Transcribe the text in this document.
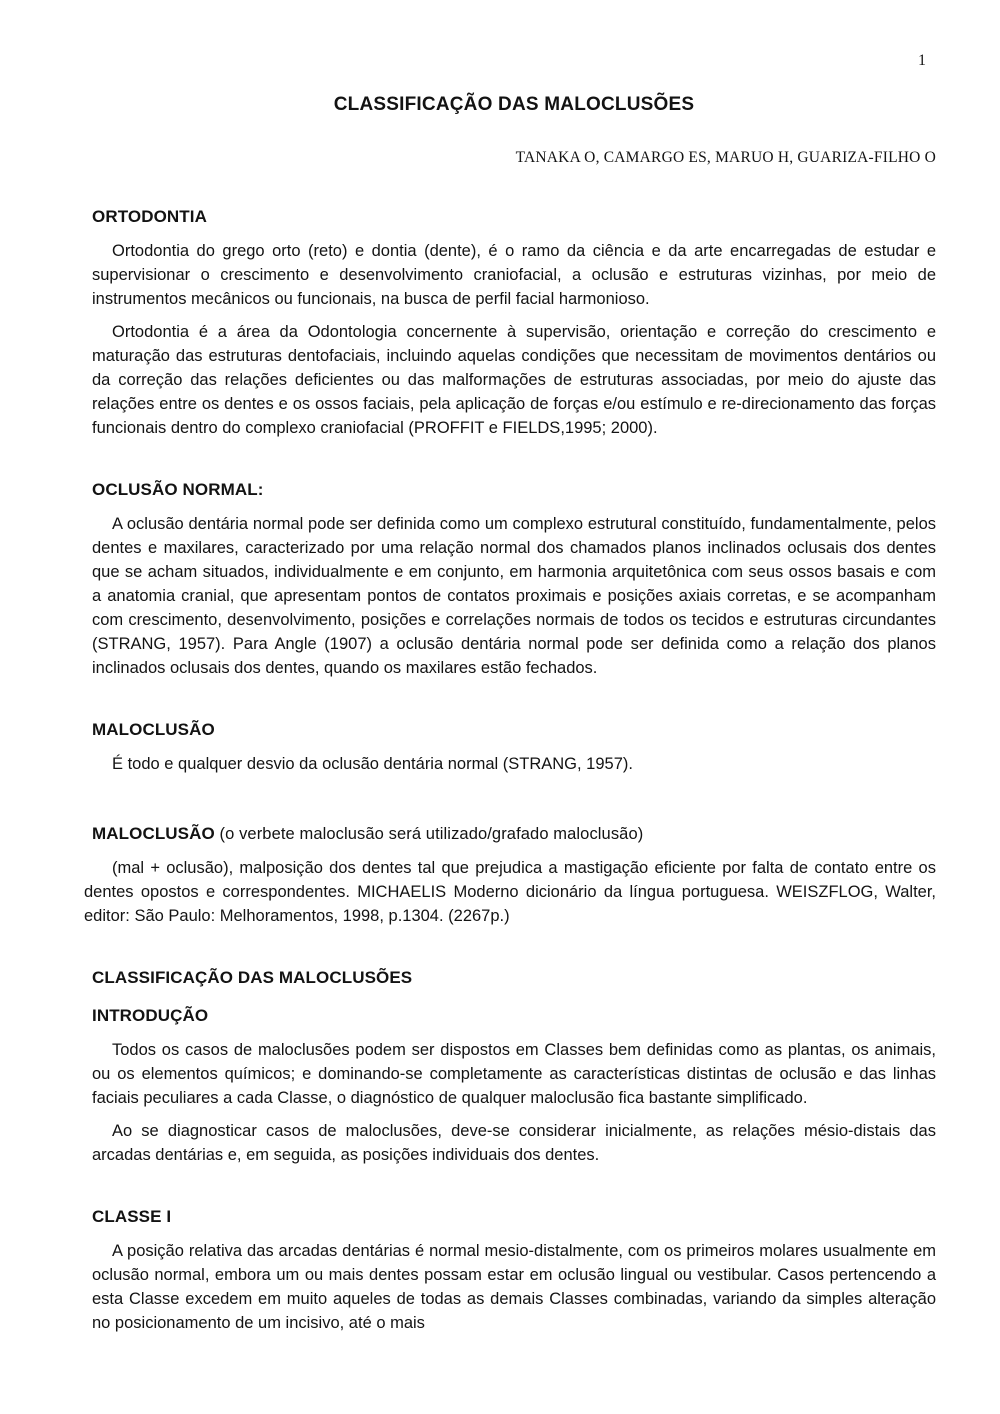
1
CLASSIFICAÇÃO DAS MALOCLUSÕES
TANAKA O, CAMARGO ES, MARUO H, GUARIZA-FILHO O
ORTODONTIA

Ortodontia do grego orto (reto) e dontia (dente), é o ramo da ciência e da arte encarregadas de estudar e supervisionar o crescimento e desenvolvimento craniofacial, a oclusão e estruturas vizinhas, por meio de instrumentos mecânicos ou funcionais, na busca de perfil facial harmonioso.

Ortodontia é a área da Odontologia concernente à supervisão, orientação e correção do crescimento e maturação das estruturas dentofaciais, incluindo aquelas condições que necessitam de movimentos dentários ou da correção das relações deficientes ou das malformações de estruturas associadas, por meio do ajuste das relações entre os dentes e os ossos faciais, pela aplicação de forças e/ou estímulo e re-direcionamento das forças funcionais dentro do complexo craniofacial (PROFFIT e FIELDS,1995; 2000).

OCLUSÃO NORMAL:

A oclusão dentária normal pode ser definida como um complexo estrutural constituído, fundamentalmente, pelos dentes e maxilares, caracterizado por uma relação normal dos chamados planos inclinados oclusais dos dentes que se acham situados, individualmente e em conjunto, em harmonia arquitetônica com seus ossos basais e com a anatomia cranial, que apresentam pontos de contatos proximais e posições axiais corretas, e se acompanham com crescimento, desenvolvimento, posições e correlações normais de todos os tecidos e estruturas circundantes (STRANG, 1957). Para Angle (1907) a oclusão dentária normal pode ser definida como a relação dos planos inclinados oclusais dos dentes, quando os maxilares estão fechados.

MALOCLUSÃO

É todo e qualquer desvio da oclusão dentária normal (STRANG, 1957).

MALOCLUSÃO (o verbete maloclusão será utilizado/grafado maloclusão)

(mal + oclusão), malposição dos dentes tal que prejudica a mastigação eficiente por falta de contato entre os dentes opostos e correspondentes. MICHAELIS Moderno dicionário da língua portuguesa. WEISZFLOG, Walter, editor: São Paulo: Melhoramentos, 1998, p.1304. (2267p.)

CLASSIFICAÇÃO DAS MALOCLUSÕES
INTRODUÇÃO

Todos os casos de maloclusões podem ser dispostos em Classes bem definidas como as plantas, os animais, ou os elementos químicos; e dominando-se completamente as características distintas de oclusão e das linhas faciais peculiares a cada Classe, o diagnóstico de qualquer maloclusão fica bastante simplificado.

Ao se diagnosticar casos de maloclusões, deve-se considerar inicialmente, as relações mésio-distais das arcadas dentárias e, em seguida, as posições individuais dos dentes.

CLASSE I

A posição relativa das arcadas dentárias é normal mesio-distalmente, com os primeiros molares usualmente em oclusão normal, embora um ou mais dentes possam estar em oclusão lingual ou vestibular. Casos pertencendo a esta Classe excedem em muito aqueles de todas as demais Classes combinadas, variando da simples alteração no posicionamento de um incisivo, até o mais
